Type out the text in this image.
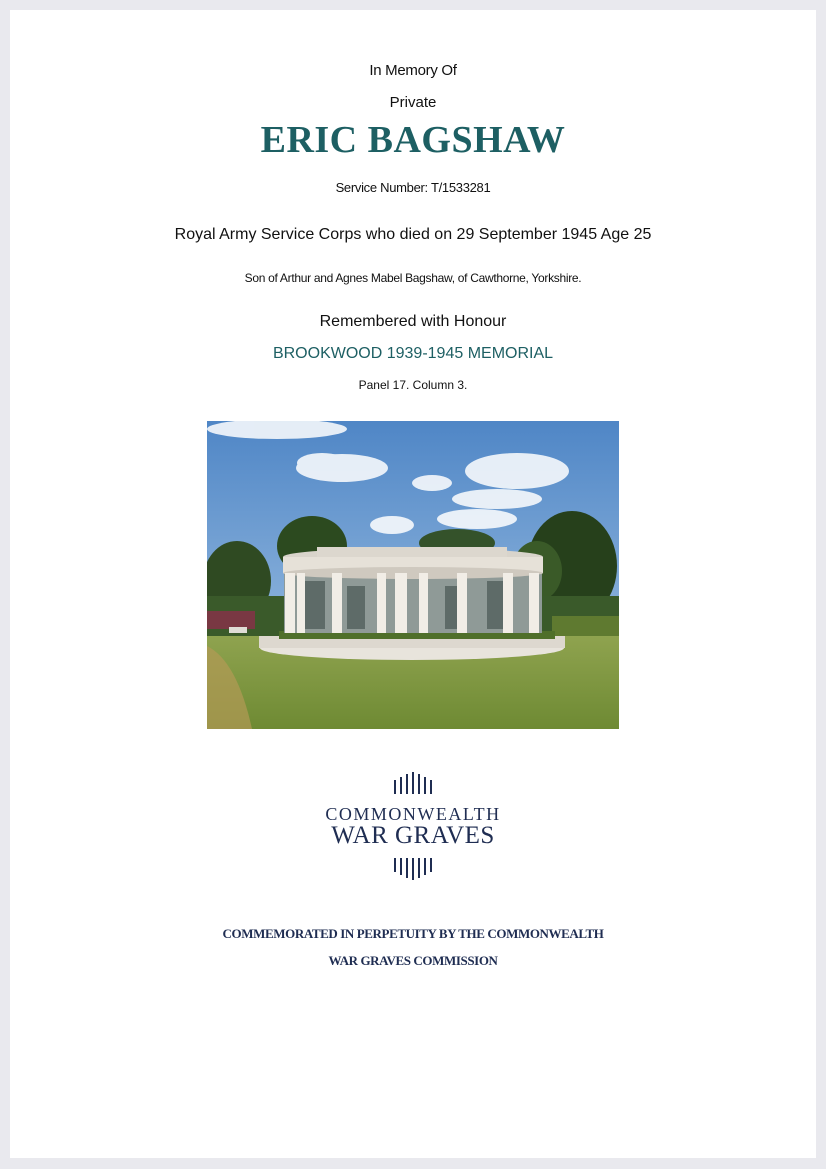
In Memory Of
Private
ERIC BAGSHAW
Service Number: T/1533281
Royal Army Service Corps who died on 29 September 1945 Age 25
Son of Arthur and Agnes Mabel Bagshaw, of Cawthorne, Yorkshire.
Remembered with Honour
BROOKWOOD 1939-1945 MEMORIAL
Panel 17. Column 3.
COMMONWEALTH
WAR GRAVES
COMMEMORATED IN PERPETUITY BY THE COMMONWEALTH
WAR GRAVES COMMISSION
